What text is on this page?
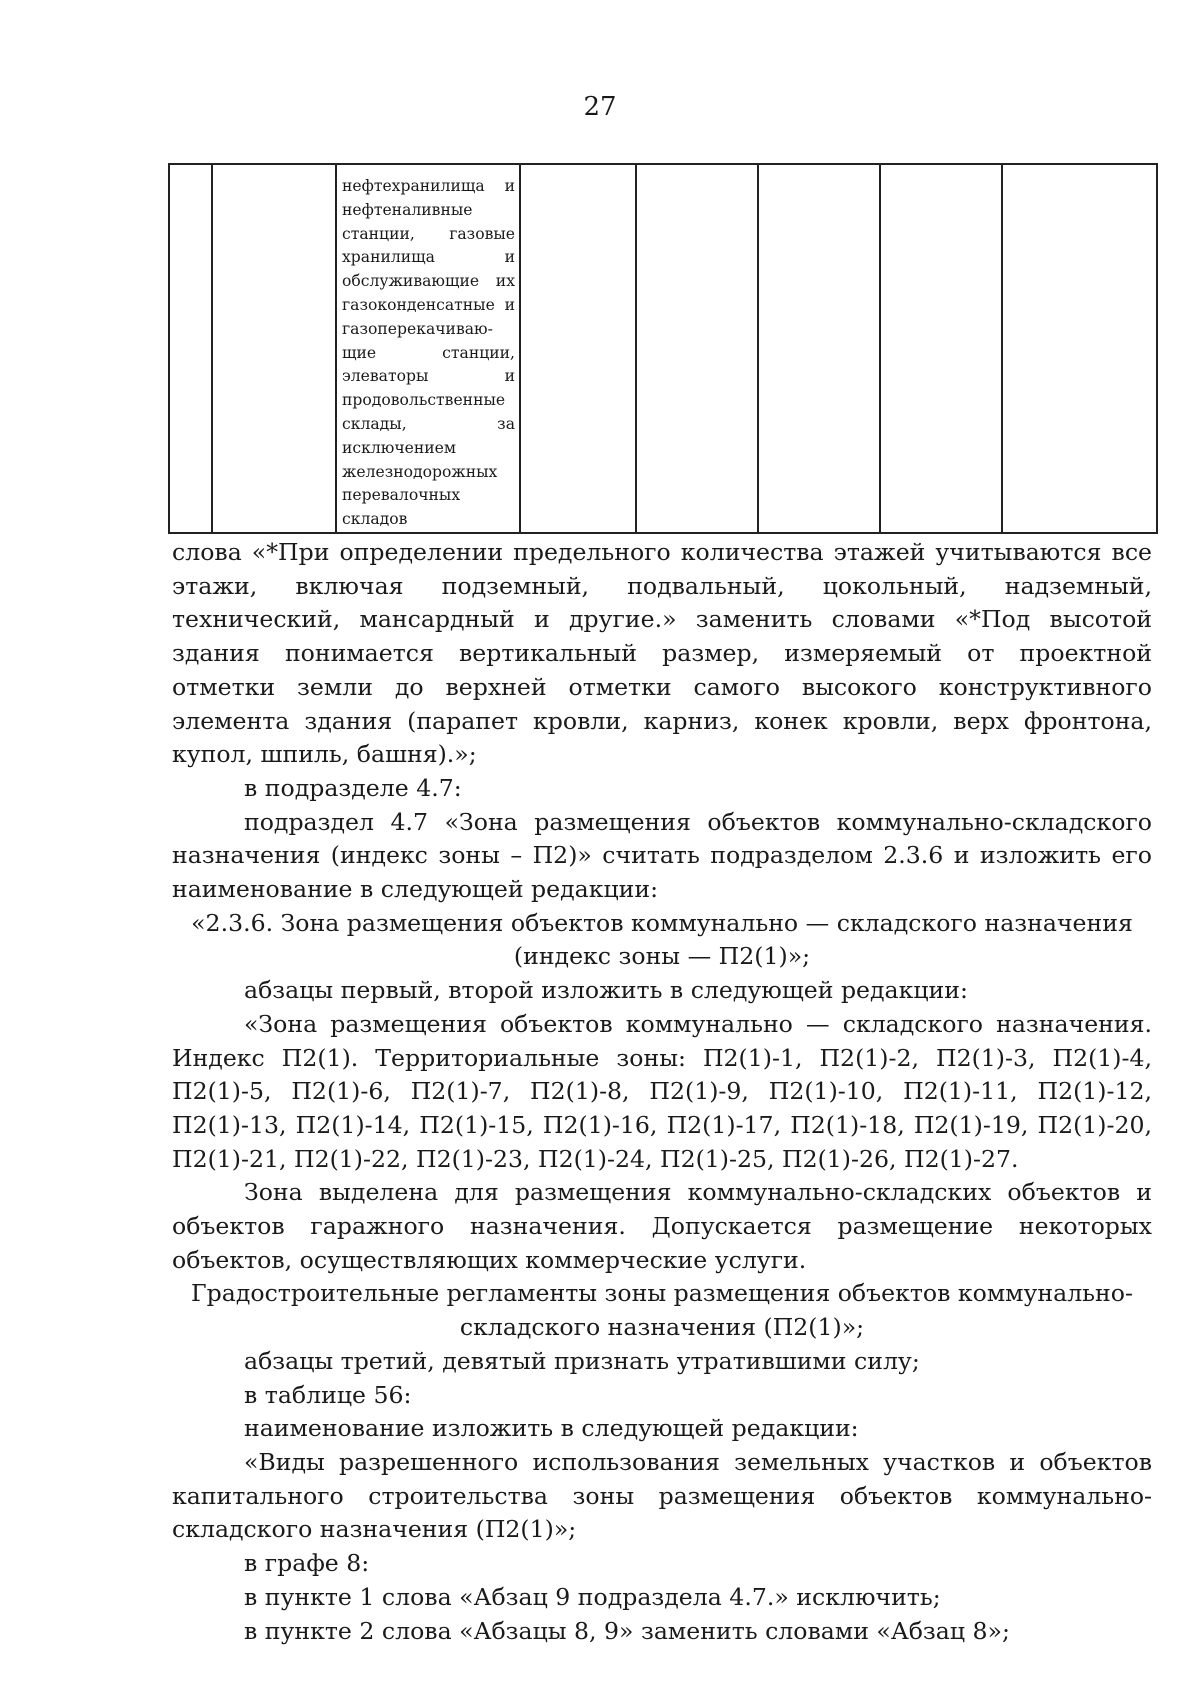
27

нефтехранилища и
нефтеналивные
станции, газовые
хранилища и
обслуживающие их
газоконденсатные и
газоперекачиваю-
щие станции,
элеваторы и
продовольственные
склады, за
исключением
железнодорожных
перевалочных
складов

слова «*При определении предельного количества этажей учитываются все этажи, включая подземный, подвальный, цокольный, надземный, технический, мансардный и другие.» заменить словами «*Под высотой здания понимается вертикальный размер, измеряемый от проектной отметки земли до верхней отметки самого высокого конструктивного элемента здания (парапет кровли, карниз, конек кровли, верх фронтона, купол, шпиль, башня).»;

в подразделе 4.7:

подраздел 4.7 «Зона размещения объектов коммунально-складского назначения (индекс зоны – П2)» считать подразделом 2.3.6 и изложить его наименование в следующей редакции:

«2.3.6. Зона размещения объектов коммунально — складского назначения (индекс зоны — П2(1)»;

абзацы первый, второй изложить в следующей редакции:

«Зона размещения объектов коммунально — складского назначения. Индекс П2(1). Территориальные зоны: П2(1)-1, П2(1)-2, П2(1)-3, П2(1)-4, П2(1)-5, П2(1)-6, П2(1)-7, П2(1)-8, П2(1)-9, П2(1)-10, П2(1)-11, П2(1)-12, П2(1)-13, П2(1)-14, П2(1)-15, П2(1)-16, П2(1)-17, П2(1)-18, П2(1)-19, П2(1)-20, П2(1)-21, П2(1)-22, П2(1)-23, П2(1)-24, П2(1)-25, П2(1)-26, П2(1)-27.

Зона выделена для размещения коммунально-складских объектов и объектов гаражного назначения. Допускается размещение некоторых объектов, осуществляющих коммерческие услуги.

Градостроительные регламенты зоны размещения объектов коммунально-складского назначения (П2(1)»;

абзацы третий, девятый признать утратившими силу;

в таблице 56:

наименование изложить в следующей редакции:

«Виды разрешенного использования земельных участков и объектов капитального строительства зоны размещения объектов коммунально-складского назначения (П2(1)»;

в графе 8:

в пункте 1 слова «Абзац 9 подраздела 4.7.» исключить;

в пункте 2 слова «Абзацы 8, 9» заменить словами «Абзац 8»;
